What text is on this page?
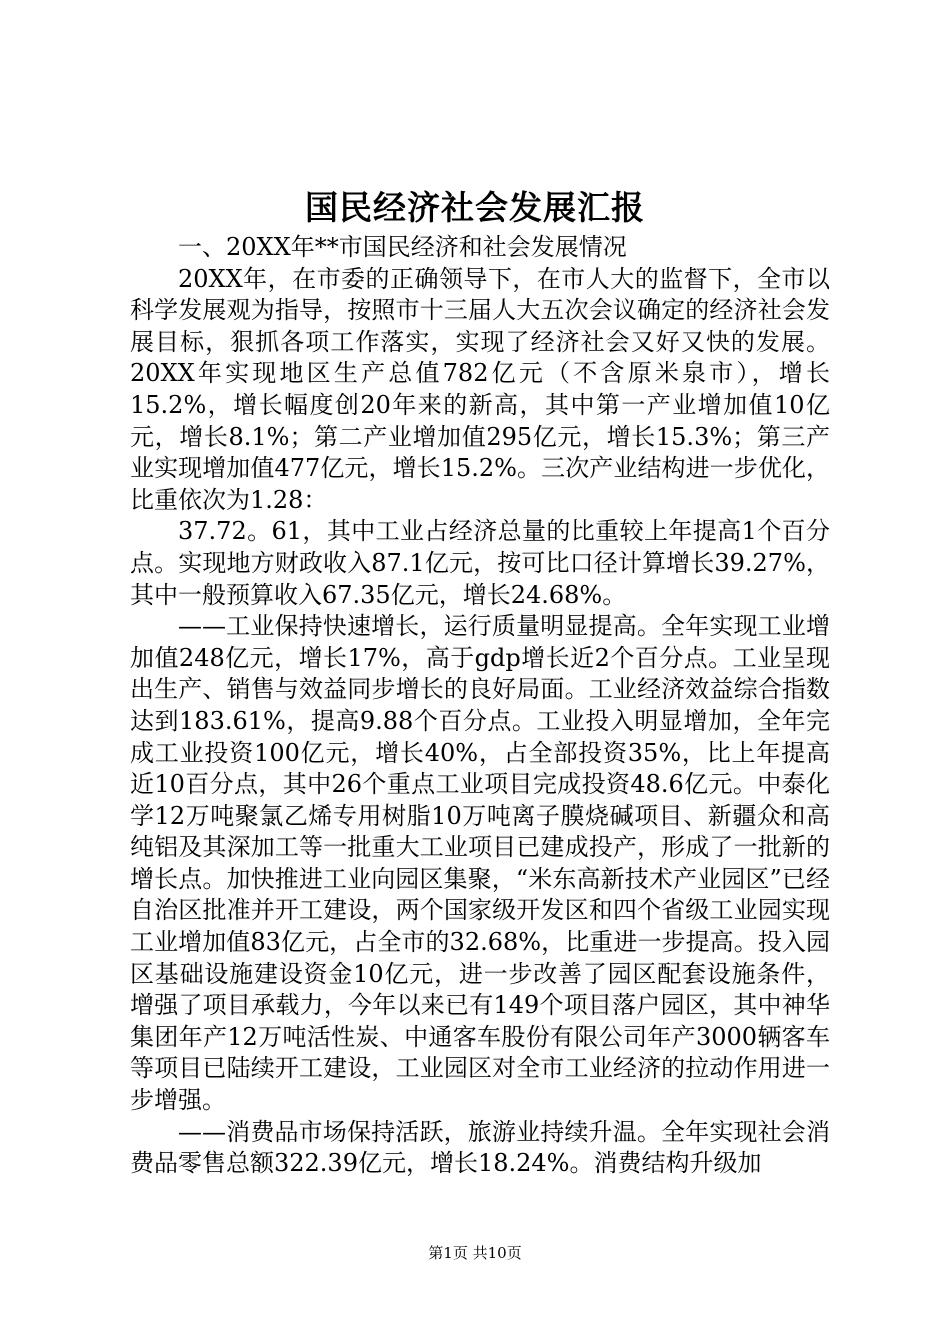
国民经济社会发展汇报

一、20XX年**市国民经济和社会发展情况

20XX年，在市委的正确领导下，在市人大的监督下，全市以科学发展观为指导，按照市十三届人大五次会议确定的经济社会发展目标，狠抓各项工作落实，实现了经济社会又好又快的发展。20XX年实现地区生产总值782亿元（不含原米泉市），增长15.2%，增长幅度创20年来的新高，其中第一产业增加值10亿元，增长8.1%；第二产业增加值295亿元，增长15.3%；第三产业实现增加值477亿元，增长15.2%。三次产业结构进一步优化，比重依次为1.28：

37.72。61，其中工业占经济总量的比重较上年提高1个百分点。实现地方财政收入87.1亿元，按可比口径计算增长39.27%，其中一般预算收入67.35亿元，增长24.68%。

——工业保持快速增长，运行质量明显提高。全年实现工业增加值248亿元，增长17%，高于gdp增长近2个百分点。工业呈现出生产、销售与效益同步增长的良好局面。工业经济效益综合指数达到183.61%，提高9.88个百分点。工业投入明显增加，全年完成工业投资100亿元，增长40%，占全部投资35%，比上年提高近10百分点，其中26个重点工业项目完成投资48.6亿元。中泰化学12万吨聚氯乙烯专用树脂10万吨离子膜烧碱项目、新疆众和高纯铝及其深加工等一批重大工业项目已建成投产，形成了一批新的增长点。加快推进工业向园区集聚，“米东高新技术产业园区”已经自治区批准并开工建设，两个国家级开发区和四个省级工业园实现工业增加值83亿元，占全市的32.68%，比重进一步提高。投入园区基础设施建设资金10亿元，进一步改善了园区配套设施条件，增强了项目承载力，今年以来已有149个项目落户园区，其中神华集团年产12万吨活性炭、中通客车股份有限公司年产3000辆客车等项目已陆续开工建设，工业园区对全市工业经济的拉动作用进一步增强。

——消费品市场保持活跃，旅游业持续升温。全年实现社会消费品零售总额322.39亿元，增长18.24%。消费结构升级加

第1页 共10页
